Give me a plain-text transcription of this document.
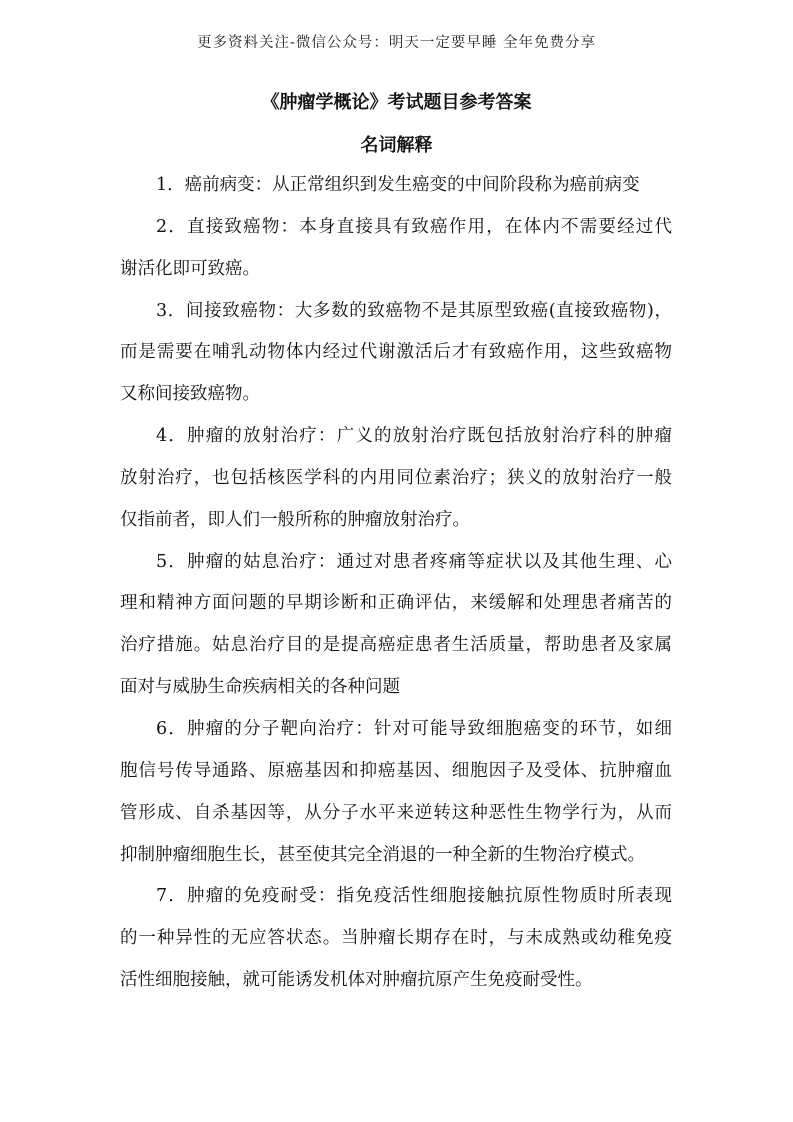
更多资料关注-微信公众号：明天一定要早睡 全年免费分享
《肿瘤学概论》考试题目参考答案
名词解释
1．癌前病变：从正常组织到发生癌变的中间阶段称为癌前病变
2．直接致癌物：本身直接具有致癌作用，在体内不需要经过代
谢活化即可致癌。
3．间接致癌物：大多数的致癌物不是其原型致癌(直接致癌物)，
而是需要在哺乳动物体内经过代谢激活后才有致癌作用，这些致癌物
又称间接致癌物。
4．肿瘤的放射治疗：广义的放射治疗既包括放射治疗科的肿瘤
放射治疗，也包括核医学科的内用同位素治疗；狭义的放射治疗一般
仅指前者，即人们一般所称的肿瘤放射治疗。
5．肿瘤的姑息治疗：通过对患者疼痛等症状以及其他生理、心
理和精神方面问题的早期诊断和正确评估，来缓解和处理患者痛苦的
治疗措施。姑息治疗目的是提高癌症患者生活质量，帮助患者及家属
面对与威胁生命疾病相关的各种问题
6．肿瘤的分子靶向治疗：针对可能导致细胞癌变的环节，如细
胞信号传导通路、原癌基因和抑癌基因、细胞因子及受体、抗肿瘤血
管形成、自杀基因等，从分子水平来逆转这种恶性生物学行为，从而
抑制肿瘤细胞生长，甚至使其完全消退的一种全新的生物治疗模式。
7．肿瘤的免疫耐受：指免疫活性细胞接触抗原性物质时所表现
的一种异性的无应答状态。当肿瘤长期存在时，与未成熟或幼稚免疫
活性细胞接触，就可能诱发机体对肿瘤抗原产生免疫耐受性。
